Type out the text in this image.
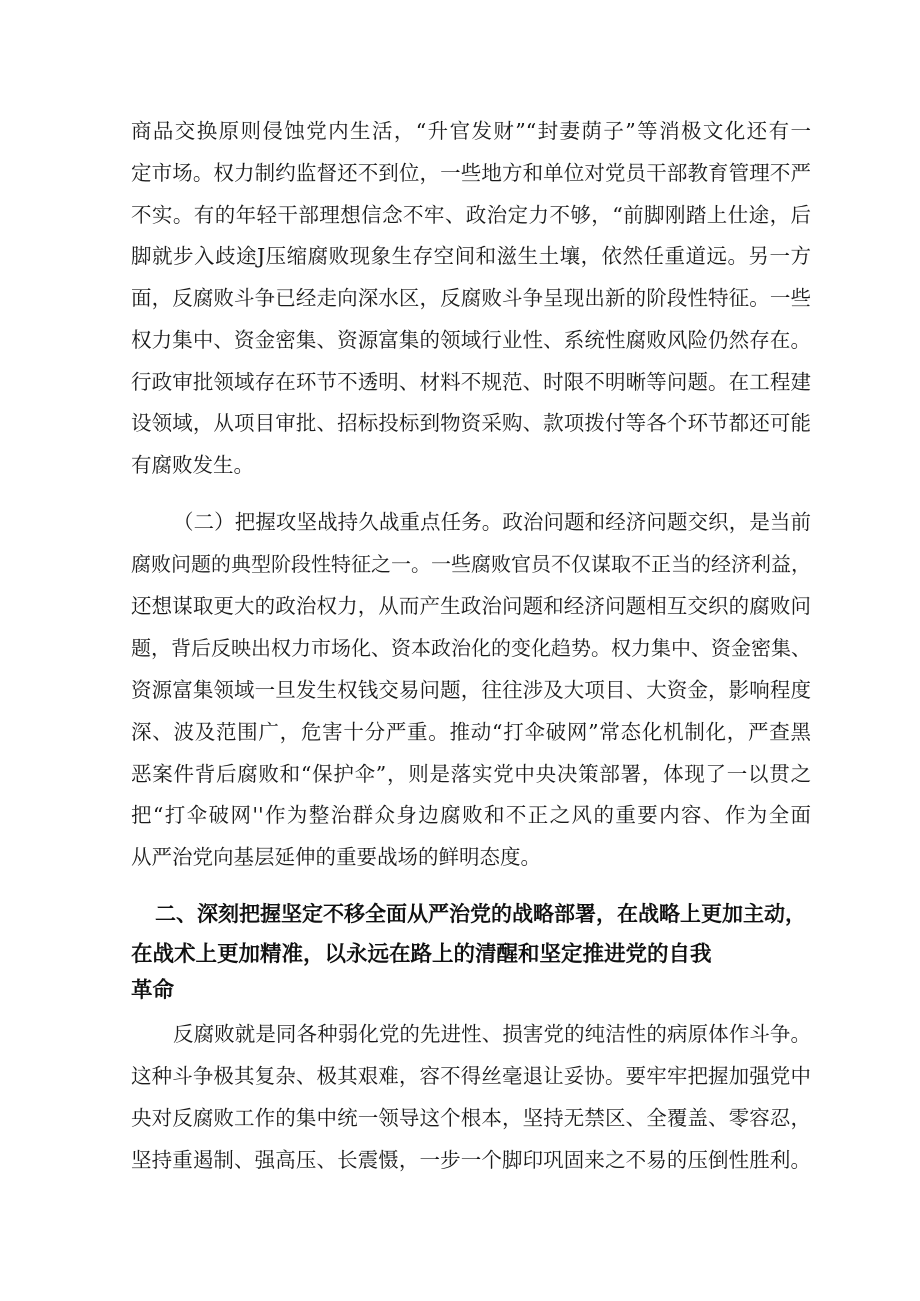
商品交换原则侵蚀党内生活，“升官发财”“封妻荫子”等消极文化还有一
定市场。权力制约监督还不到位，一些地方和单位对党员干部教育管理不严
不实。有的年轻干部理想信念不牢、政治定力不够，“前脚刚踏上仕途，后
脚就步入歧途J压缩腐败现象生存空间和滋生土壤，依然任重道远。另一方
面，反腐败斗争已经走向深水区，反腐败斗争呈现出新的阶段性特征。一些
权力集中、资金密集、资源富集的领域行业性、系统性腐败风险仍然存在。
行政审批领域存在环节不透明、材料不规范、时限不明晰等问题。在工程建
设领域，从项目审批、招标投标到物资采购、款项拨付等各个环节都还可能
有腐败发生。
（二）把握攻坚战持久战重点任务。政治问题和经济问题交织，是当前
腐败问题的典型阶段性特征之一。一些腐败官员不仅谋取不正当的经济利益，
还想谋取更大的政治权力，从而产生政治问题和经济问题相互交织的腐败问
题，背后反映出权力市场化、资本政治化的变化趋势。权力集中、资金密集、
资源富集领域一旦发生权钱交易问题，往往涉及大项目、大资金，影响程度
深、波及范围广，危害十分严重。推动“打伞破网”常态化机制化，严查黑
恶案件背后腐败和“保护伞”，则是落实党中央决策部署，体现了一以贯之
把“打伞破网''作为整治群众身边腐败和不正之风的重要内容、作为全面
从严治党向基层延伸的重要战场的鲜明态度。
二、深刻把握坚定不移全面从严治党的战略部署，在战略上更加主动，
在战术上更加精准，以永远在路上的清醒和坚定推进党的自我
革命
反腐败就是同各种弱化党的先进性、损害党的纯洁性的病原体作斗争。
这种斗争极其复杂、极其艰难，容不得丝毫退让妥协。要牢牢把握加强党中
央对反腐败工作的集中统一领导这个根本，坚持无禁区、全覆盖、零容忍，
坚持重遏制、强高压、长震慑，一步一个脚印巩固来之不易的压倒性胜利。
